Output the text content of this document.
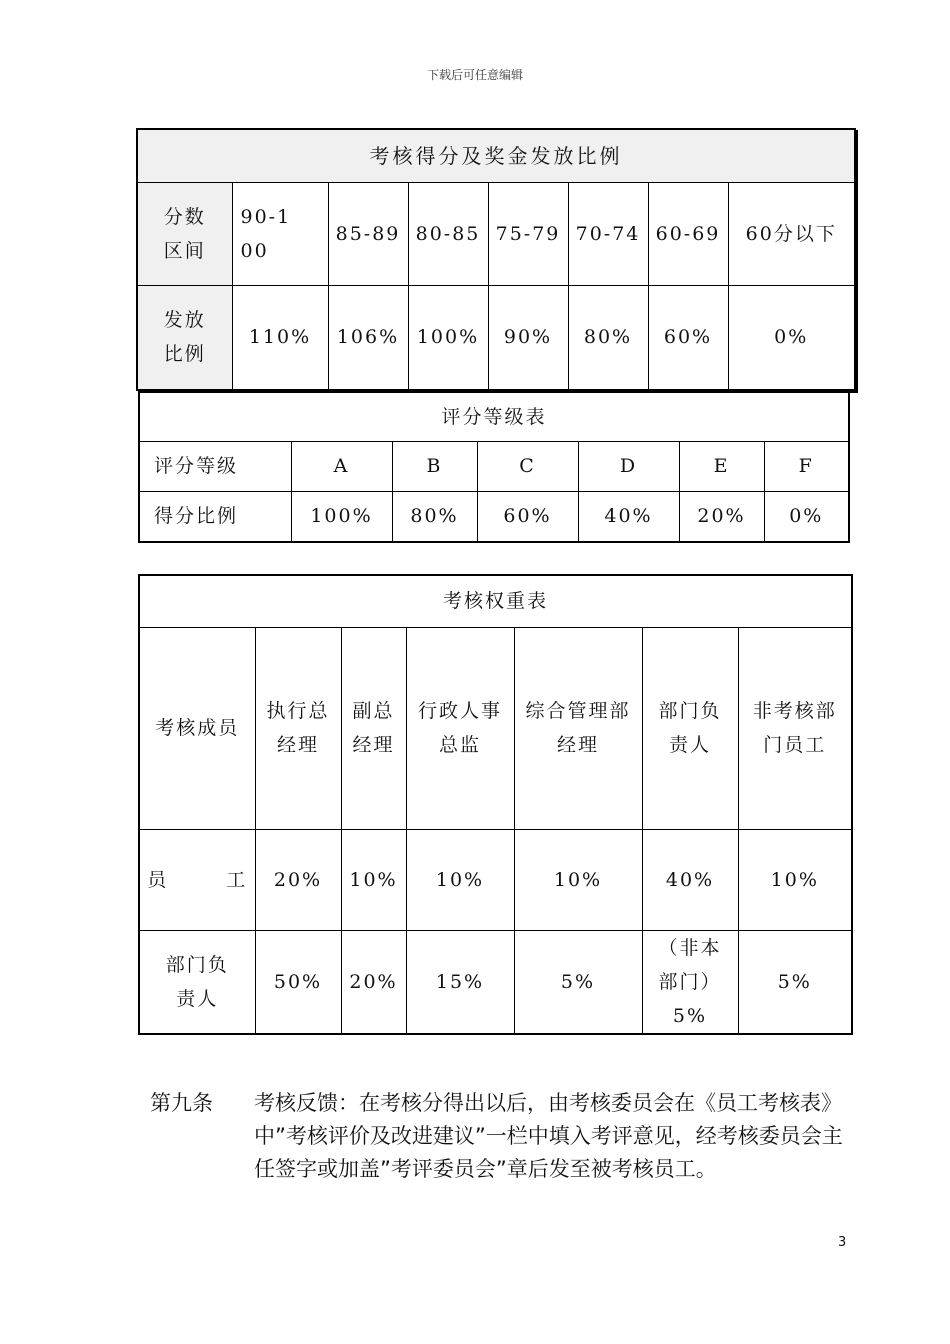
下载后可任意编辑
考核得分及奖金发放比例							

分数区间	90-100	85-89	80-85	75-79	70-74	60-69	60分以下

发放比例	110%	106%	100%	90%	80%	60%	0%
评分等级表						
评分等级	A	B	C	D	E	F
得分比例	100%	80%	60%	40%	20%	0%
考核权重表						
考核成员	执行总经理	副总经理	行政人事总监	综合管理部经理	部门负责人	非考核部门员工

员 工	20%	10%	10%	10%	40%	10%

部门负责人	50%	20%	15%	5%	（非本部门）5%	5%
第九条 考核反馈：在考核分得出以后，由考核委员会在《员工考核表》中”考核评价及改进建议”一栏中填入考评意见，经考核委员会主任签字或加盖”考评委员会”章后发至被考核员工。
3
